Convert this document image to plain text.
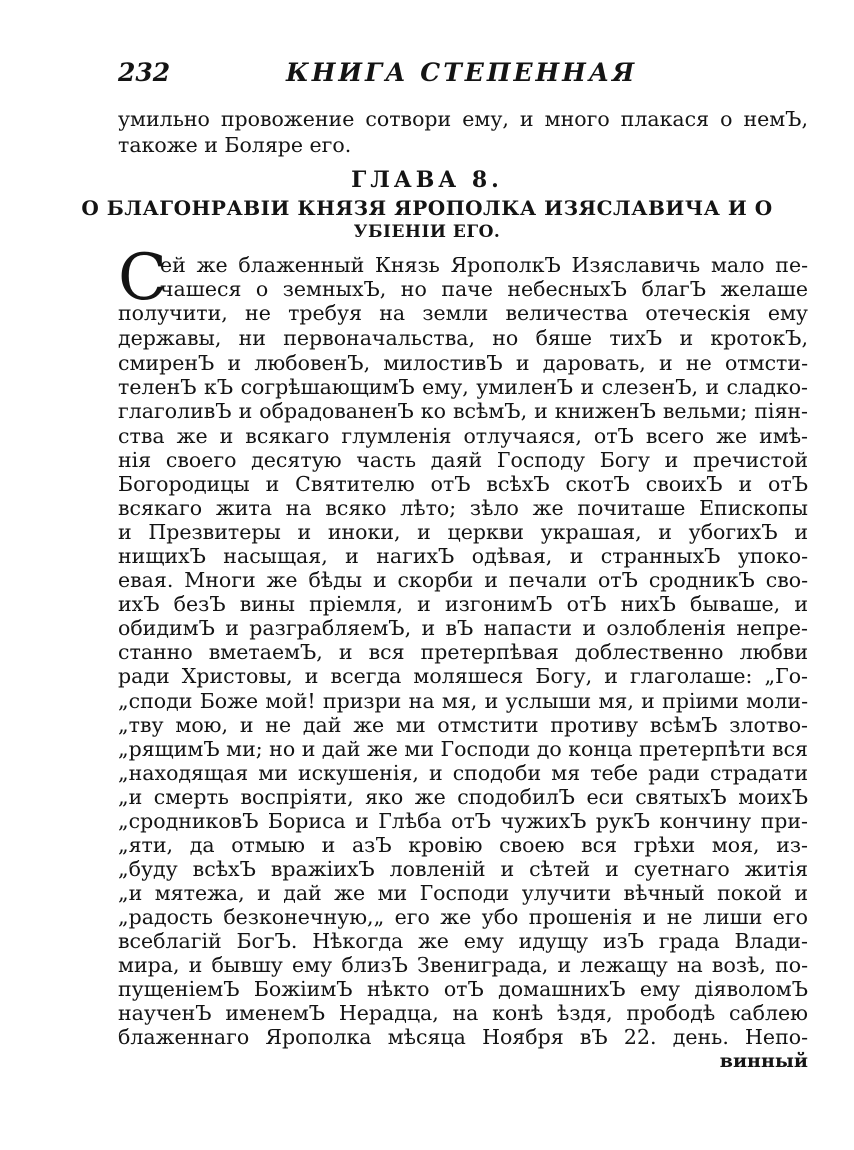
232	КНИГА СТЕПЕННАЯ
умильно провожение сотвори ему, и много плакася о немЪ,
такожe и Боляре его.
ГЛАВА 8.
О БЛАГОНРАВІИ КНЯЗЯ ЯРОПОЛКА ИЗЯСЛАВИЧА И О
УБІЕНІИ ЕГО.
С
ей же блаженный Князь ЯрополкЪ Изяславичь мало пе-
чашеся о земныхЪ, но паче небесныхЪ благЪ желаше
получити, не требуя на земли величества отеческія ему
державы, ни первоначальства, но бяше тихЪ и кротокЪ,
смиренЪ и любовенЪ, милостивЪ и даровать, и не отмсти-
теленЪ кЪ согрѣшающимЪ ему, умиленЪ и слезенЪ, и сладко-
глаголивЪ и обрадованенЪ ко всѣмЪ, и книженЪ вельми; пiян-
ства же и всякаго глумленія отлучаяся, отЪ всего же имѣ-
нія своего десятую часть даяй Господу Богу и пречистой
Богородицы и Святителю отЪ всѣхЪ скотЪ своихЪ и отЪ
всякаго жита на всяко лѣто; зѣло же почиташе Епископы
и Презвитеры и иноки, и церкви украшая, и убогихЪ и
нищихЪ насыщая, и нагихЪ одѣвая, и странныхЪ упоко-
евая. Многи же бѣды и скорби и печали отЪ сродникЪ сво-
ихЪ безЪ вины пріемля, и изгонимЪ отЪ нихЪ бываше, и
обидимЪ и разграбляемЪ, и вЪ напасти и озлобленія непре-
станно вметаемЪ, и вся претерпѣвая доблественно любви
ради Христовы, и всегда моляшеся Богу, и глаголаше: „Го-
„споди Боже мой! призри на мя, и услыши мя, и пріими моли-
„тву мою, и не дай же ми отмстити противу всѣмЪ злотво-
„рящимЪ ми; но и дай же ми Господи до конца претерпѣти вся
„находящая ми искушенія, и сподоби мя тебе ради страдати
„и смерть воспріяти, яко же сподобилЪ еси святыхЪ моихЪ
„сродниковЪ Бориса и Глѣба отЪ чужихЪ рукЪ кончину при-
„яти, да отмыю и азЪ кровію своею вся грѣхи моя, из-
„буду всѣхЪ вражіихЪ ловленій и сѣтей и суетнаго житія
„и мятежа, и дай же ми Господи улучити вѣчный покой и
„радость безконечную,„ его же убо прошенія и не лиши его
всеблагій БогЪ. Нѣкогда же ему идущу изЪ града Влади-
мира, и бывшу ему близЪ Звениграда, и лежащу на возѣ, по-
пущеніемЪ БожіимЪ нѣкто отЪ домашнихЪ ему діяволомЪ
наученЪ именемЪ Нерадца, на конѣ ѣздя, прободѣ саблею
блаженнаго Ярополка мѣсяца Ноября вЪ 22. день. Непо-
винный
